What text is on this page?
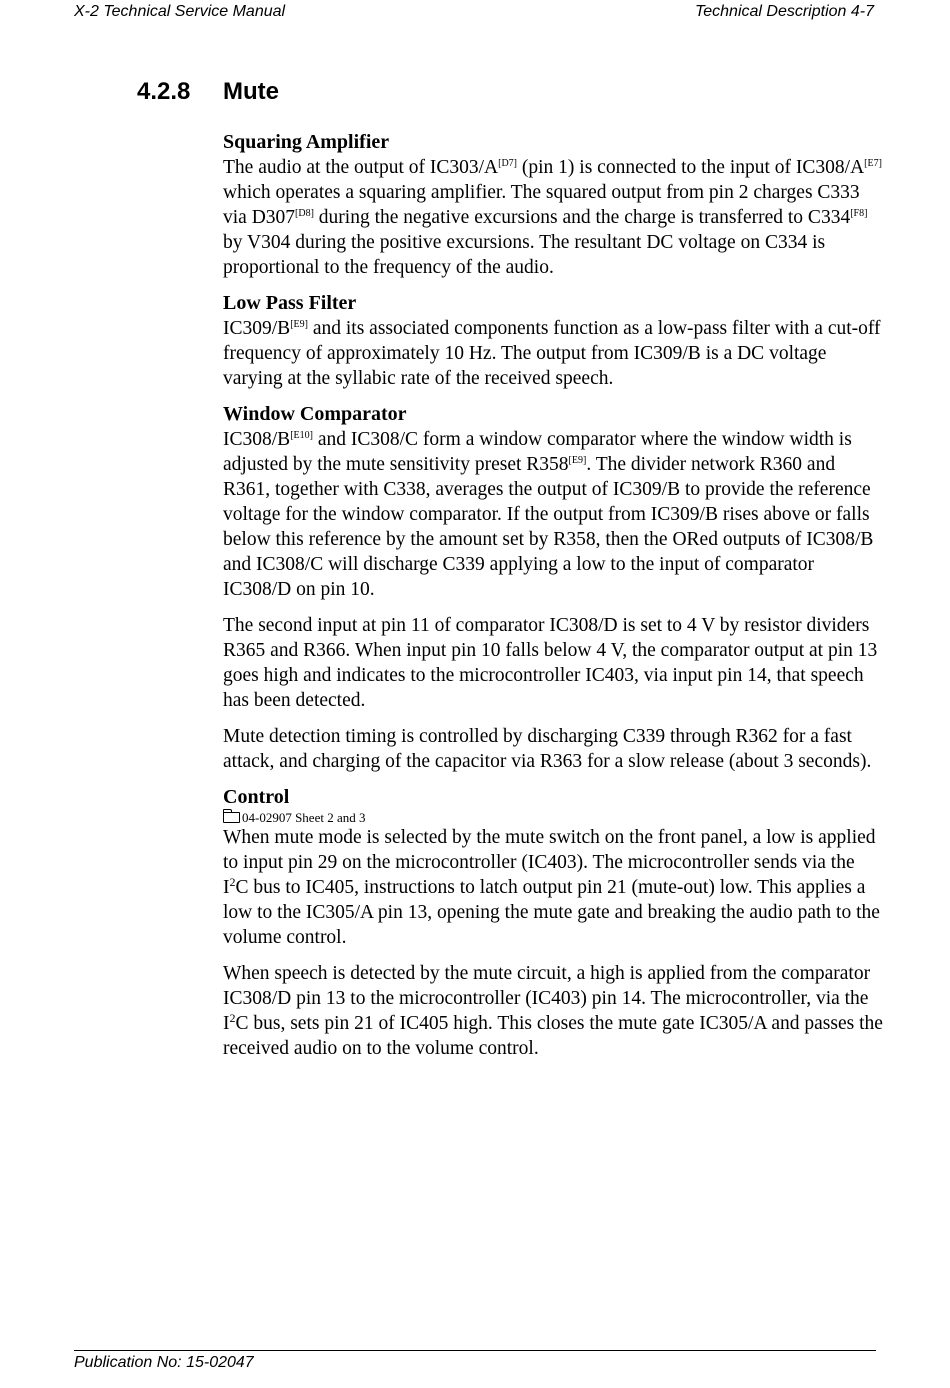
X-2 Technical Service Manual	Technical Description 4-7
4.2.8 Mute
Squaring Amplifier

The audio at the output of IC303/A[D7] (pin 1) is connected to the input of IC308/A[E7] which operates a squaring amplifier. The squared output from pin 2 charges C333 via D307[D8] during the negative excursions and the charge is transferred to C334[F8] by V304 during the positive excursions. The resultant DC voltage on C334 is proportional to the frequency of the audio.

Low Pass Filter

IC309/B[E9] and its associated components function as a low-pass filter with a cut-off frequency of approximately 10 Hz. The output from IC309/B is a DC voltage varying at the syllabic rate of the received speech.

Window Comparator

IC308/B[E10] and IC308/C form a window comparator where the window width is adjusted by the mute sensitivity preset R358[E9]. The divider network R360 and R361, together with C338, averages the output of IC309/B to provide the reference voltage for the window comparator. If the output from IC309/B rises above or falls below this reference by the amount set by R358, then the ORed outputs of IC308/B and IC308/C will discharge C339 applying a low to the input of comparator IC308/D on pin 10.

The second input at pin 11 of comparator IC308/D is set to 4 V by resistor dividers R365 and R366. When input pin 10 falls below 4 V, the comparator output at pin 13 goes high and indicates to the microcontroller IC403, via input pin 14, that speech has been detected.

Mute detection timing is controlled by discharging C339 through R362 for a fast attack, and charging of the capacitor via R363 for a slow release (about 3 seconds).

Control
04-02907 Sheet 2 and 3

When mute mode is selected by the mute switch on the front panel, a low is applied to input pin 29 on the microcontroller (IC403). The microcontroller sends via the $I^2C$ bus to IC405, instructions to latch output pin 21 (mute-out) low. This applies a low to the IC305/A pin 13, opening the mute gate and breaking the audio path to the volume control.

When speech is detected by the mute circuit, a high is applied from the comparator IC308/D pin 13 to the microcontroller (IC403) pin 14. The microcontroller, via the $I^2C$ bus, sets pin 21 of IC405 high. This closes the mute gate IC305/A and passes the received audio on to the volume control.

Publication No: 15-02047
